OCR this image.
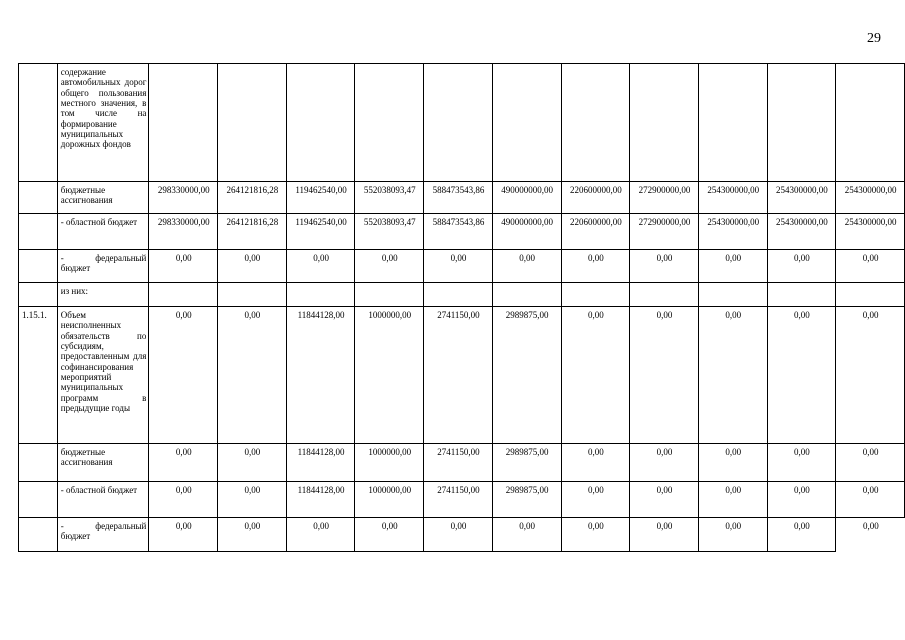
29
	содержание автомобильных дорог общего пользования местного значения, в том числе на формирование муниципальных дорожных фондов											
	бюджетные ассигнования	298330000,00	264121816,28	119462540,00	552038093,47	588473543,86	490000000,00	220600000,00	272900000,00	254300000,00	254300000,00	254300000,00
	- областной бюджет	298330000,00	264121816,28	119462540,00	552038093,47	588473543,86	490000000,00	220600000,00	272900000,00	254300000,00	254300000,00	254300000,00
	- федеральный бюджет	0,00	0,00	0,00	0,00	0,00	0,00	0,00	0,00	0,00	0,00	0,00
	из них:											
1.15.1.	Объем неисполненных обязательств по субсидиям, предоставленным для софинансирования мероприятий муниципальных программ в предыдущие годы	0,00	0,00	11844128,00	1000000,00	2741150,00	2989875,00	0,00	0,00	0,00	0,00	0,00
	бюджетные ассигнования	0,00	0,00	11844128,00	1000000,00	2741150,00	2989875,00	0,00	0,00	0,00	0,00	0,00
	- областной бюджет	0,00	0,00	11844128,00	1000000,00	2741150,00	2989875,00	0,00	0,00	0,00	0,00	0,00
	- федеральный бюджет	0,00	0,00	0,00	0,00	0,00	0,00	0,00	0,00	0,00	0,00	0,00
